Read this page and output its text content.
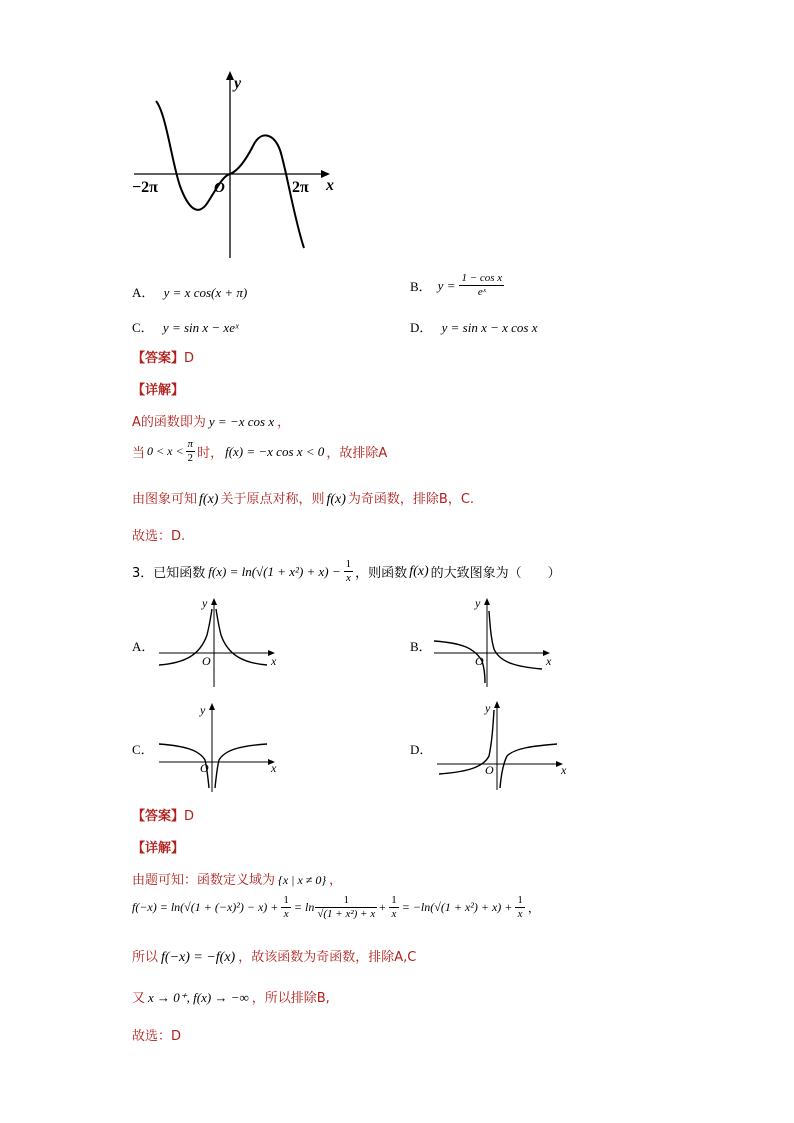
y
x
O
−2π	2π
A． y = x cos(x + π)	B． $y = \frac{\text{1 − cos x}}{\text{eˣ}}$
C． y = sin x − xeˣ	D． y = sin x − x cos x
【答案】D
【详解】
A的函数即为 y = −x cos x ，
当 $0 < x < \frac{\pi}{2}$ 时， f(x) = −x cos x < 0 ，故排除A
由图象可知 f(x) 关于原点对称，则 f(x) 为奇函数，排除B，C.
故选：D.
3．已知函数 $f(x) = \ln(√(1 + x^2) + x) - \frac{1}{x}$ ，则函数 f(x) 的大致图象为（　　）
A．
y
x
O
B．
y
x
O
C．
y
x
O
D．
y
x
O
【答案】D
【详解】
由题可知：函数定义域为 {x | x ≠ 0} ，
$f(-x) = \ln(√(1 + (-x)^2) - x) + \frac{1}{x} = \ln$	1
$√(1 + x^2) + x + \frac{1}{x} = -\ln(√(1 + x^2) + x) + \frac{1}{x}$ ，
所以 f(−x) = −f(x) ，故该函数为奇函数，排除A,C
又 x → 0⁺, f(x) → −∞ ，所以排除B,
故选：D
